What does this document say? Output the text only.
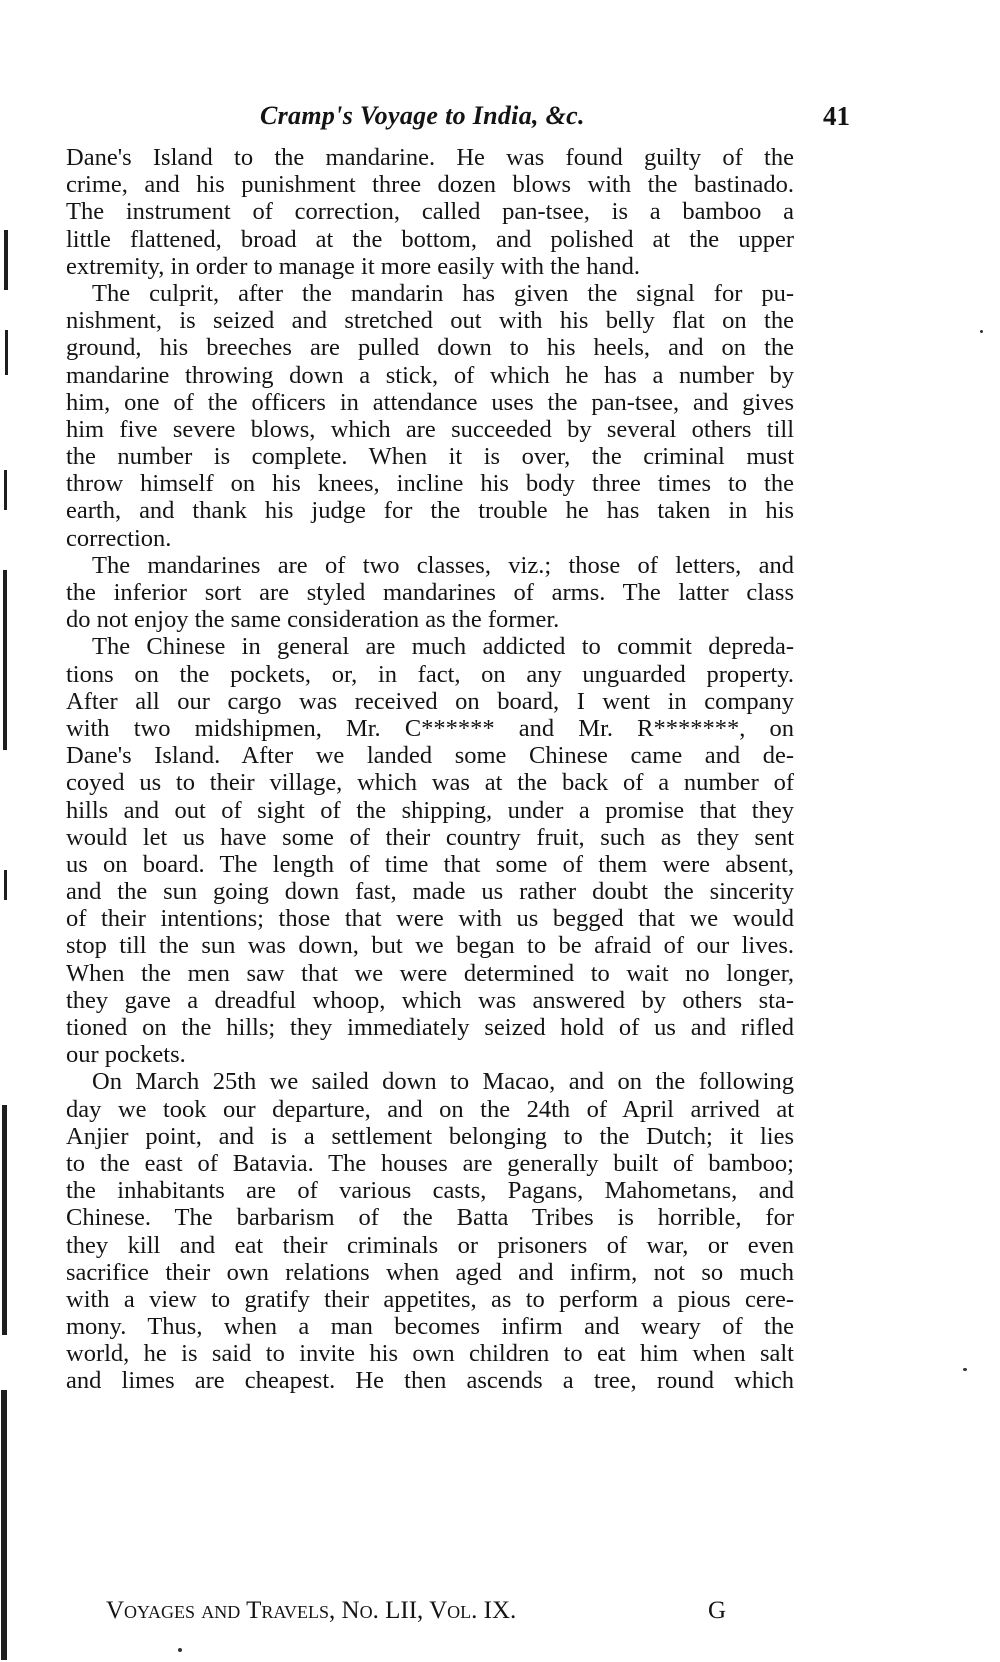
Cramp's Voyage to India, &c.	41
Dane's Island to the mandarine. He was found guilty of the
crime, and his punishment three dozen blows with the bastinado.
The instrument of correction, called pan-tsee, is a bamboo a
little flattened, broad at the bottom, and polished at the upper
extremity, in order to manage it more easily with the hand.
The culprit, after the mandarin has given the signal for pu-
nishment, is seized and stretched out with his belly flat on the
ground, his breeches are pulled down to his heels, and on the
mandarine throwing down a stick, of which he has a number by
him, one of the officers in attendance uses the pan-tsee, and gives
him five severe blows, which are succeeded by several others till
the number is complete. When it is over, the criminal must
throw himself on his knees, incline his body three times to the
earth, and thank his judge for the trouble he has taken in his
correction.
The mandarines are of two classes, viz.; those of letters, and
the inferior sort are styled mandarines of arms. The latter class
do not enjoy the same consideration as the former.
The Chinese in general are much addicted to commit depreda-
tions on the pockets, or, in fact, on any unguarded property.
After all our cargo was received on board, I went in company
with two midshipmen, Mr. C****** and Mr. R*******, on
Dane's Island. After we landed some Chinese came and de-
coyed us to their village, which was at the back of a number of
hills and out of sight of the shipping, under a promise that they
would let us have some of their country fruit, such as they sent
us on board. The length of time that some of them were absent,
and the sun going down fast, made us rather doubt the sincerity
of their intentions; those that were with us begged that we would
stop till the sun was down, but we began to be afraid of our lives.
When the men saw that we were determined to wait no longer,
they gave a dreadful whoop, which was answered by others sta-
tioned on the hills; they immediately seized hold of us and rifled
our pockets.
On March 25th we sailed down to Macao, and on the following
day we took our departure, and on the 24th of April arrived at
Anjier point, and is a settlement belonging to the Dutch; it lies
to the east of Batavia. The houses are generally built of bamboo;
the inhabitants are of various casts, Pagans, Mahometans, and
Chinese. The barbarism of the Batta Tribes is horrible, for
they kill and eat their criminals or prisoners of war, or even
sacrifice their own relations when aged and infirm, not so much
with a view to gratify their appetites, as to perform a pious cere-
mony. Thus, when a man becomes infirm and weary of the
world, he is said to invite his own children to eat him when salt
and limes are cheapest. He then ascends a tree, round which
Voyages and Travels, No. LII, Vol. IX.	G
